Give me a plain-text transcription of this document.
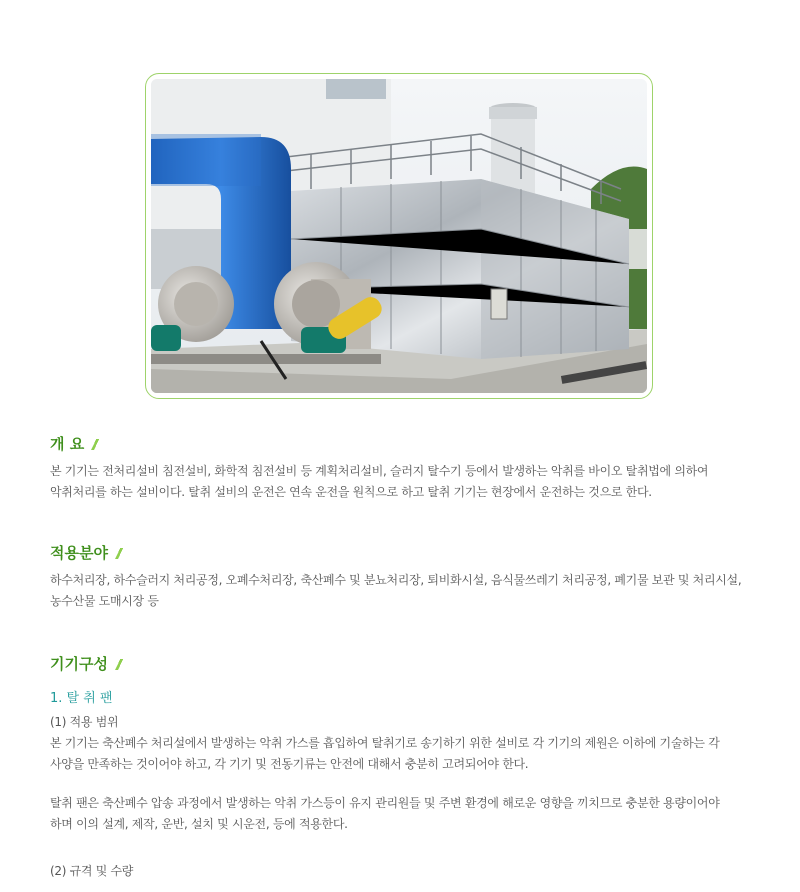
개 요
본 기기는 전처리설비 침전설비, 화학적 침전설비 등 계획처리설비, 슬러지 탈수기 등에서 발생하는 악취를 바이오 탈취법에 의하여
악취처리를 하는 설비이다. 탈취 설비의 운전은 연속 운전을 원칙으로 하고 탈취 기기는 현장에서 운전하는 것으로 한다.
적용분야
하수처리장, 하수슬러지 처리공정, 오폐수처리장, 축산폐수 및 분뇨처리장, 퇴비화시설, 음식물쓰레기 처리공정, 폐기물 보관 및 처리시설,
농수산물 도매시장 등
기기구성
1. 탈 취 팬
(1) 적용 범위
본 기기는 축산폐수 처리설에서 발생하는 악취 가스를 흡입하여 탈취기로 송기하기 위한 설비로 각 기기의 제원은 이하에 기술하는 각
사양을 만족하는 것이어야 하고, 각 기기 및 전동기류는 안전에 대해서 충분히 고려되어야 한다.
탈취 팬은 축산폐수 압송 과정에서 발생하는 악취 가스등이 유지 관리원들 및 주변 환경에 해로운 영향을 끼치므로 충분한 용량이어야
하며 이의 설계, 제작, 운반, 설치 및 시운전, 등에 적용한다.
(2) 규격 및 수량
